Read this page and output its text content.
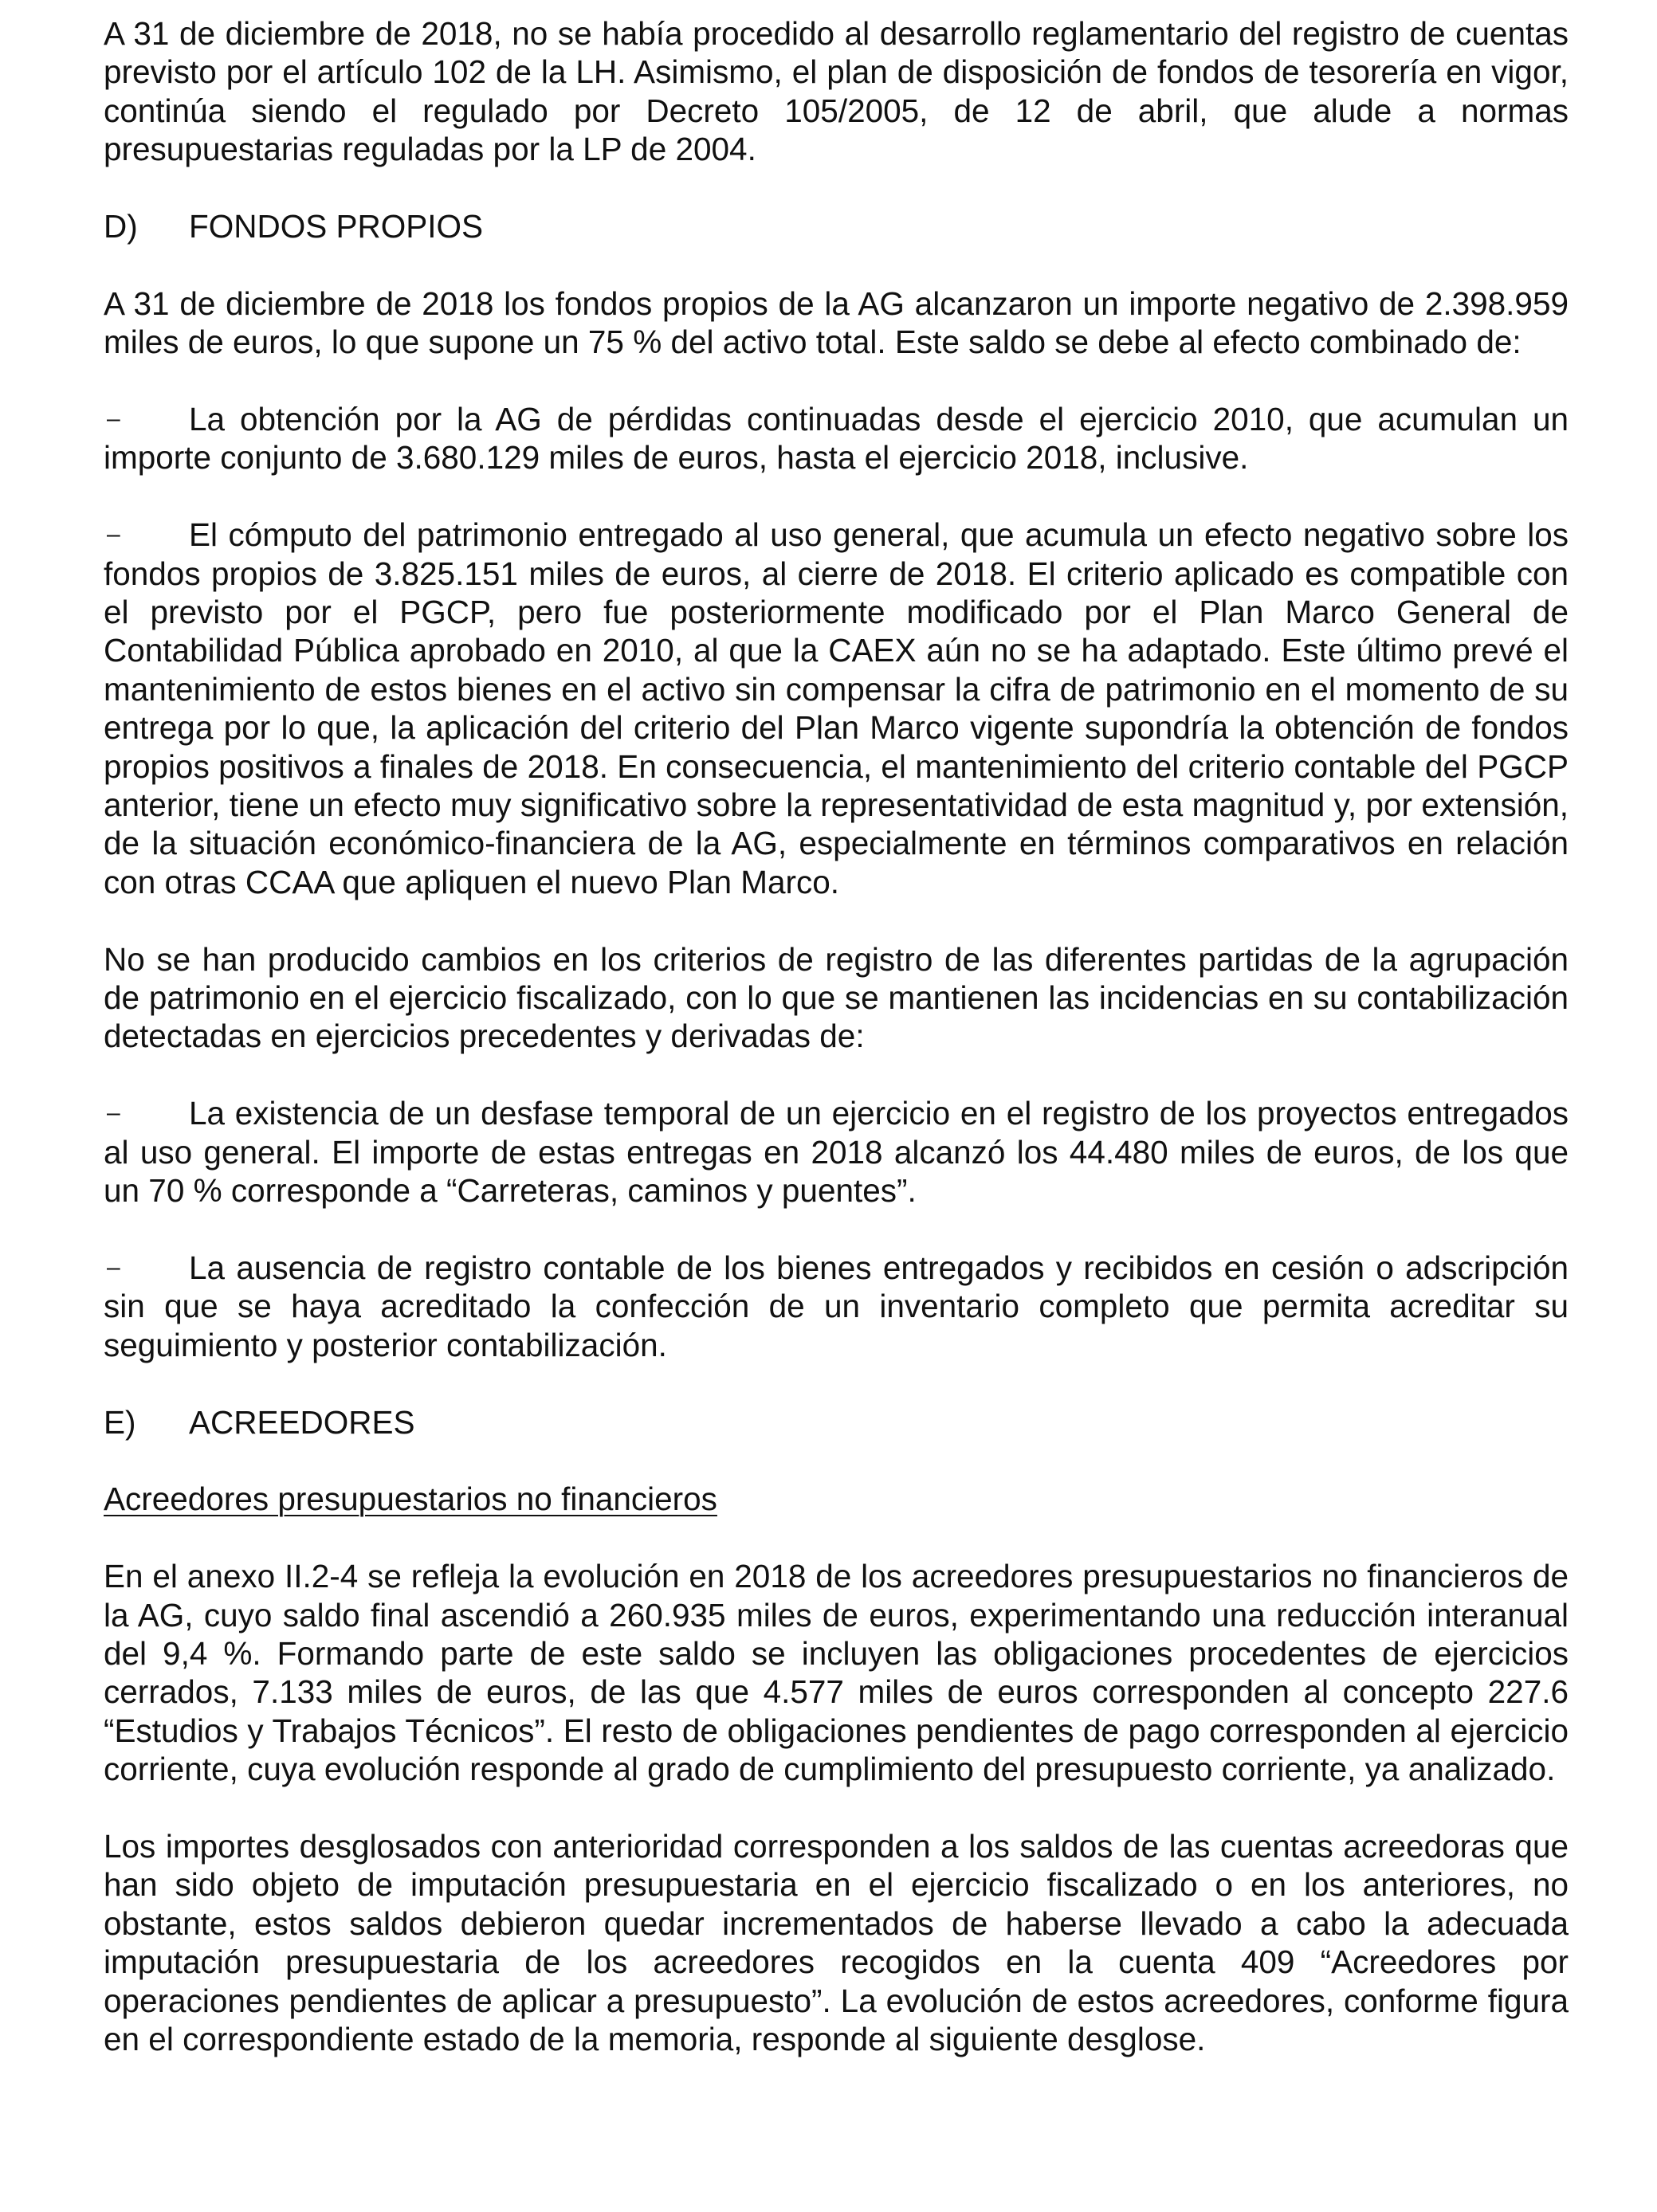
A 31 de diciembre de 2018, no se había procedido al desarrollo reglamentario del registro de cuentas previsto por el artículo 102 de la LH. Asimismo, el plan de disposición de fondos de tesorería en vigor, continúa siendo el regulado por Decreto 105/2005, de 12 de abril, que alude a normas presupuestarias reguladas por la LP de 2004.

D)	FONDOS PROPIOS

A 31 de diciembre de 2018 los fondos propios de la AG alcanzaron un importe negativo de 2.398.959 miles de euros, lo que supone un 75 % del activo total. Este saldo se debe al efecto combinado de:

– La obtención por la AG de pérdidas continuadas desde el ejercicio 2010, que acumulan un importe conjunto de 3.680.129 miles de euros, hasta el ejercicio 2018, inclusive.

– El cómputo del patrimonio entregado al uso general, que acumula un efecto negativo sobre los fondos propios de 3.825.151 miles de euros, al cierre de 2018. El criterio aplicado es compatible con el previsto por el PGCP, pero fue posteriormente modificado por el Plan Marco General de Contabilidad Pública aprobado en 2010, al que la CAEX aún no se ha adaptado. Este último prevé el mantenimiento de estos bienes en el activo sin compensar la cifra de patrimonio en el momento de su entrega por lo que, la aplicación del criterio del Plan Marco vigente supondría la obtención de fondos propios positivos a finales de 2018. En consecuencia, el mantenimiento del criterio contable del PGCP anterior, tiene un efecto muy significativo sobre la representatividad de esta magnitud y, por extensión, de la situación económico-financiera de la AG, especialmente en términos comparativos en relación con otras CCAA que apliquen el nuevo Plan Marco.

No se han producido cambios en los criterios de registro de las diferentes partidas de la agrupación de patrimonio en el ejercicio fiscalizado, con lo que se mantienen las incidencias en su contabilización detectadas en ejercicios precedentes y derivadas de:

– La existencia de un desfase temporal de un ejercicio en el registro de los proyectos entregados al uso general. El importe de estas entregas en 2018 alcanzó los 44.480 miles de euros, de los que un 70 % corresponde a “Carreteras, caminos y puentes”.

– La ausencia de registro contable de los bienes entregados y recibidos en cesión o adscripción sin que se haya acreditado la confección de un inventario completo que permita acreditar su seguimiento y posterior contabilización.

E)	ACREEDORES
Acreedores presupuestarios no financieros

En el anexo II.2-4 se refleja la evolución en 2018 de los acreedores presupuestarios no financieros de la AG, cuyo saldo final ascendió a 260.935 miles de euros, experimentando una reducción interanual del 9,4 %. Formando parte de este saldo se incluyen las obligaciones procedentes de ejercicios cerrados, 7.133 miles de euros, de las que 4.577 miles de euros corresponden al concepto 227.6 “Estudios y Trabajos Técnicos”. El resto de obligaciones pendientes de pago corresponden al ejercicio corriente, cuya evolución responde al grado de cumplimiento del presupuesto corriente, ya analizado.

Los importes desglosados con anterioridad corresponden a los saldos de las cuentas acreedoras que han sido objeto de imputación presupuestaria en el ejercicio fiscalizado o en los anteriores, no obstante, estos saldos debieron quedar incrementados de haberse llevado a cabo la adecuada imputación presupuestaria de los acreedores recogidos en la cuenta 409 “Acreedores por operaciones pendientes de aplicar a presupuesto”. La evolución de estos acreedores, conforme figura en el correspondiente estado de la memoria, responde al siguiente desglose.
